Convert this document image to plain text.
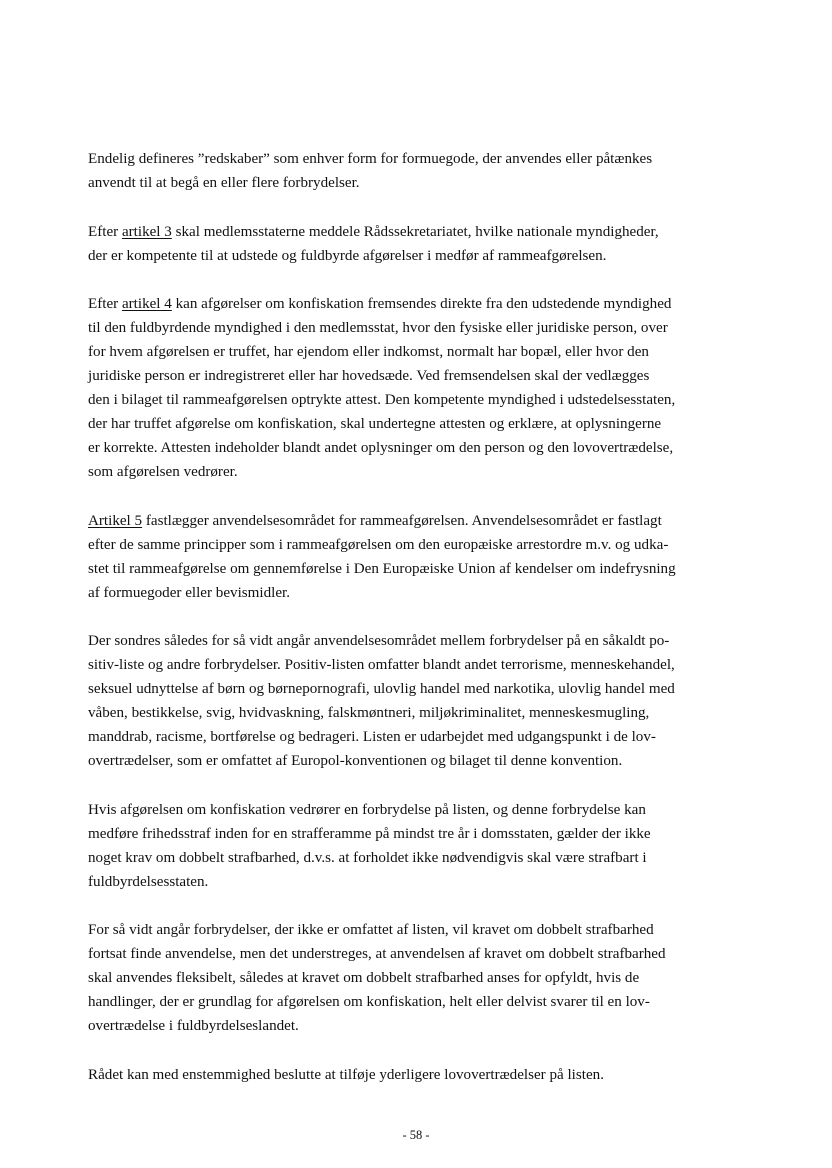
Endelig defineres ”redskaber” som enhver form for formuegode, der anvendes eller påtænkes
anvendt til at begå en eller flere forbrydelser.

Efter artikel 3 skal medlemsstaterne meddele Rådssekretariatet, hvilke nationale myndigheder,
der er kompetente til at udstede og fuldbyrde afgørelser i medfør af rammeafgørelsen.

Efter artikel 4 kan afgørelser om konfiskation fremsendes direkte fra den udstedende myndighed
til den fuldbyrdende myndighed i den medlemsstat, hvor den fysiske eller juridiske person, over
for hvem afgørelsen er truffet, har ejendom eller indkomst, normalt har bopæl, eller hvor den
juridiske person er indregistreret eller har hovedsæde. Ved fremsendelsen skal der vedlægges
den i bilaget til rammeafgørelsen optrykte attest. Den kompetente myndighed i udstedelsesstaten,
der har truffet afgørelse om konfiskation, skal undertegne attesten og erklære, at oplysningerne
er korrekte. Attesten indeholder blandt andet oplysninger om den person og den lovovertrædelse,
som afgørelsen vedrører.

Artikel 5 fastlægger anvendelsesområdet for rammeafgørelsen. Anvendelsesområdet er fastlagt
efter de samme principper som i rammeafgørelsen om den europæiske arrestordre m.v. og udka-
stet til rammeafgørelse om gennemførelse i Den Europæiske Union af kendelser om indefrysning
af formuegoder eller bevismidler.

Der sondres således for så vidt angår anvendelsesområdet mellem forbrydelser på en såkaldt po-
sitiv-liste og andre forbrydelser. Positiv-listen omfatter blandt andet terrorisme, menneskehandel,
seksuel udnyttelse af børn og børnepornografi, ulovlig handel med narkotika, ulovlig handel med
våben, bestikkelse, svig, hvidvaskning, falskmøntneri, miljøkriminalitet, menneskesmugling,
manddrab, racisme, bortførelse og bedrageri. Listen er udarbejdet med udgangspunkt i de lov-
overtrædelser, som er omfattet af Europol-konventionen og bilaget til denne konvention.

Hvis afgørelsen om konfiskation vedrører en forbrydelse på listen, og denne forbrydelse kan
medføre frihedsstraf inden for en strafferamme på mindst tre år i domsstaten, gælder der ikke
noget krav om dobbelt strafbarhed, d.v.s. at forholdet ikke nødvendigvis skal være strafbart i
fuldbyrdelsesstaten.

For så vidt angår forbrydelser, der ikke er omfattet af listen, vil kravet om dobbelt strafbarhed
fortsat finde anvendelse, men det understreges, at anvendelsen af kravet om dobbelt strafbarhed
skal anvendes fleksibelt, således at kravet om dobbelt strafbarhed anses for opfyldt, hvis de
handlinger, der er grundlag for afgørelsen om konfiskation, helt eller delvist svarer til en lov-
overtrædelse i fuldbyrdelseslandet.

Rådet kan med enstemmighed beslutte at tilføje yderligere lovovertrædelser på listen.

- 58 -
